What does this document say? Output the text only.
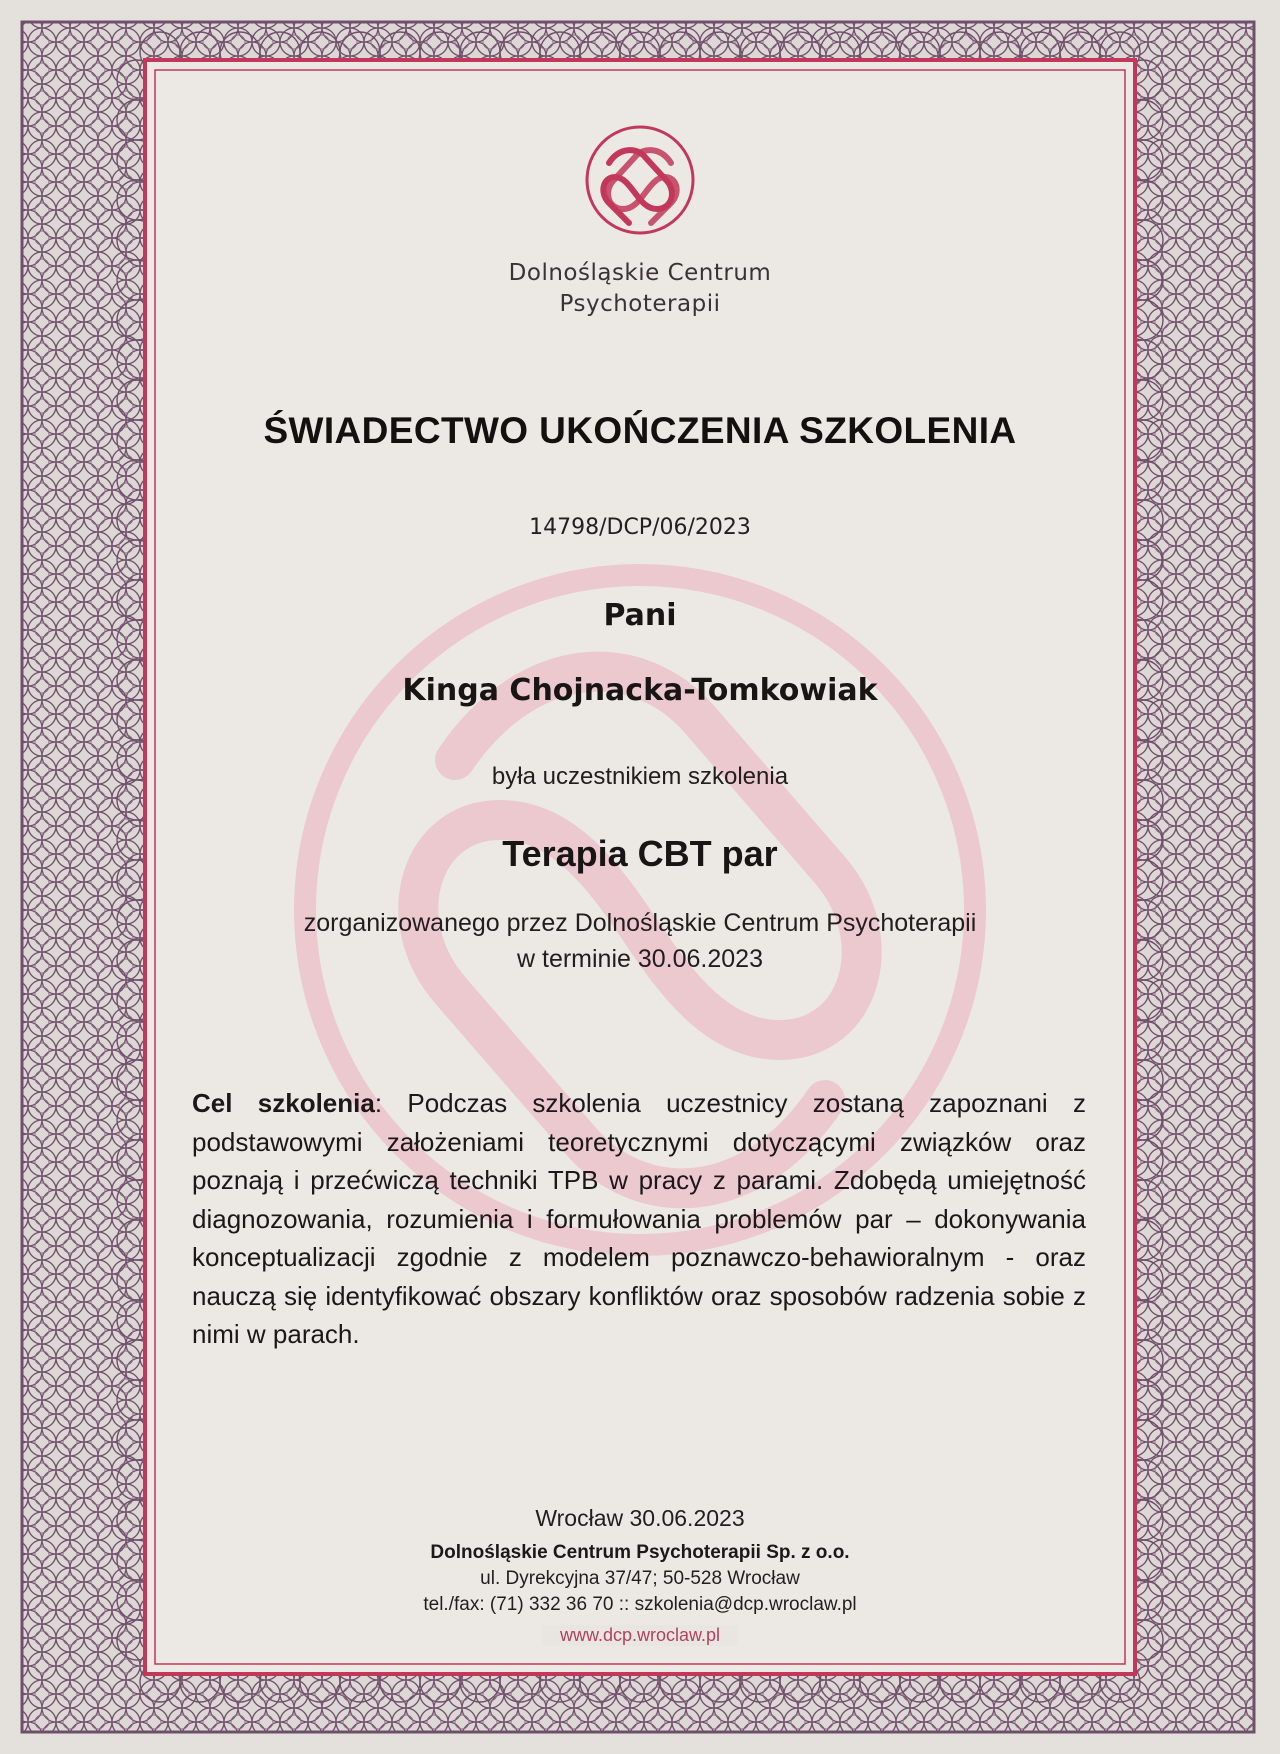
Dolnośląskie Centrum
Psychoterapii
ŚWIADECTWO UKOŃCZENIA SZKOLENIA
14798/DCP/06/2023
Pani
Kinga Chojnacka-Tomkowiak
była uczestnikiem szkolenia
Terapia CBT par
zorganizowanego przez Dolnośląskie Centrum Psychoterapii
w terminie 30.06.2023
Cel szkolenia: Podczas szkolenia uczestnicy zostaną zapoznani z podstawowymi założeniami teoretycznymi dotyczącymi związków oraz poznają i przećwiczą techniki TPB w pracy z parami. Zdobędą umiejętność diagnozowania, rozumienia i formułowania problemów par – dokonywania konceptualizacji zgodnie z modelem poznawczo-behawioralnym - oraz nauczą się identyfikować obszary konfliktów oraz sposobów radzenia sobie z nimi w parach.
Wrocław 30.06.2023
Dolnośląskie Centrum Psychoterapii Sp. z o.o.
ul. Dyrekcyjna 37/47; 50-528 Wrocław
tel./fax: (71) 332 36 70 :: szkolenia@dcp.wroclaw.pl
www.dcp.wroclaw.pl
